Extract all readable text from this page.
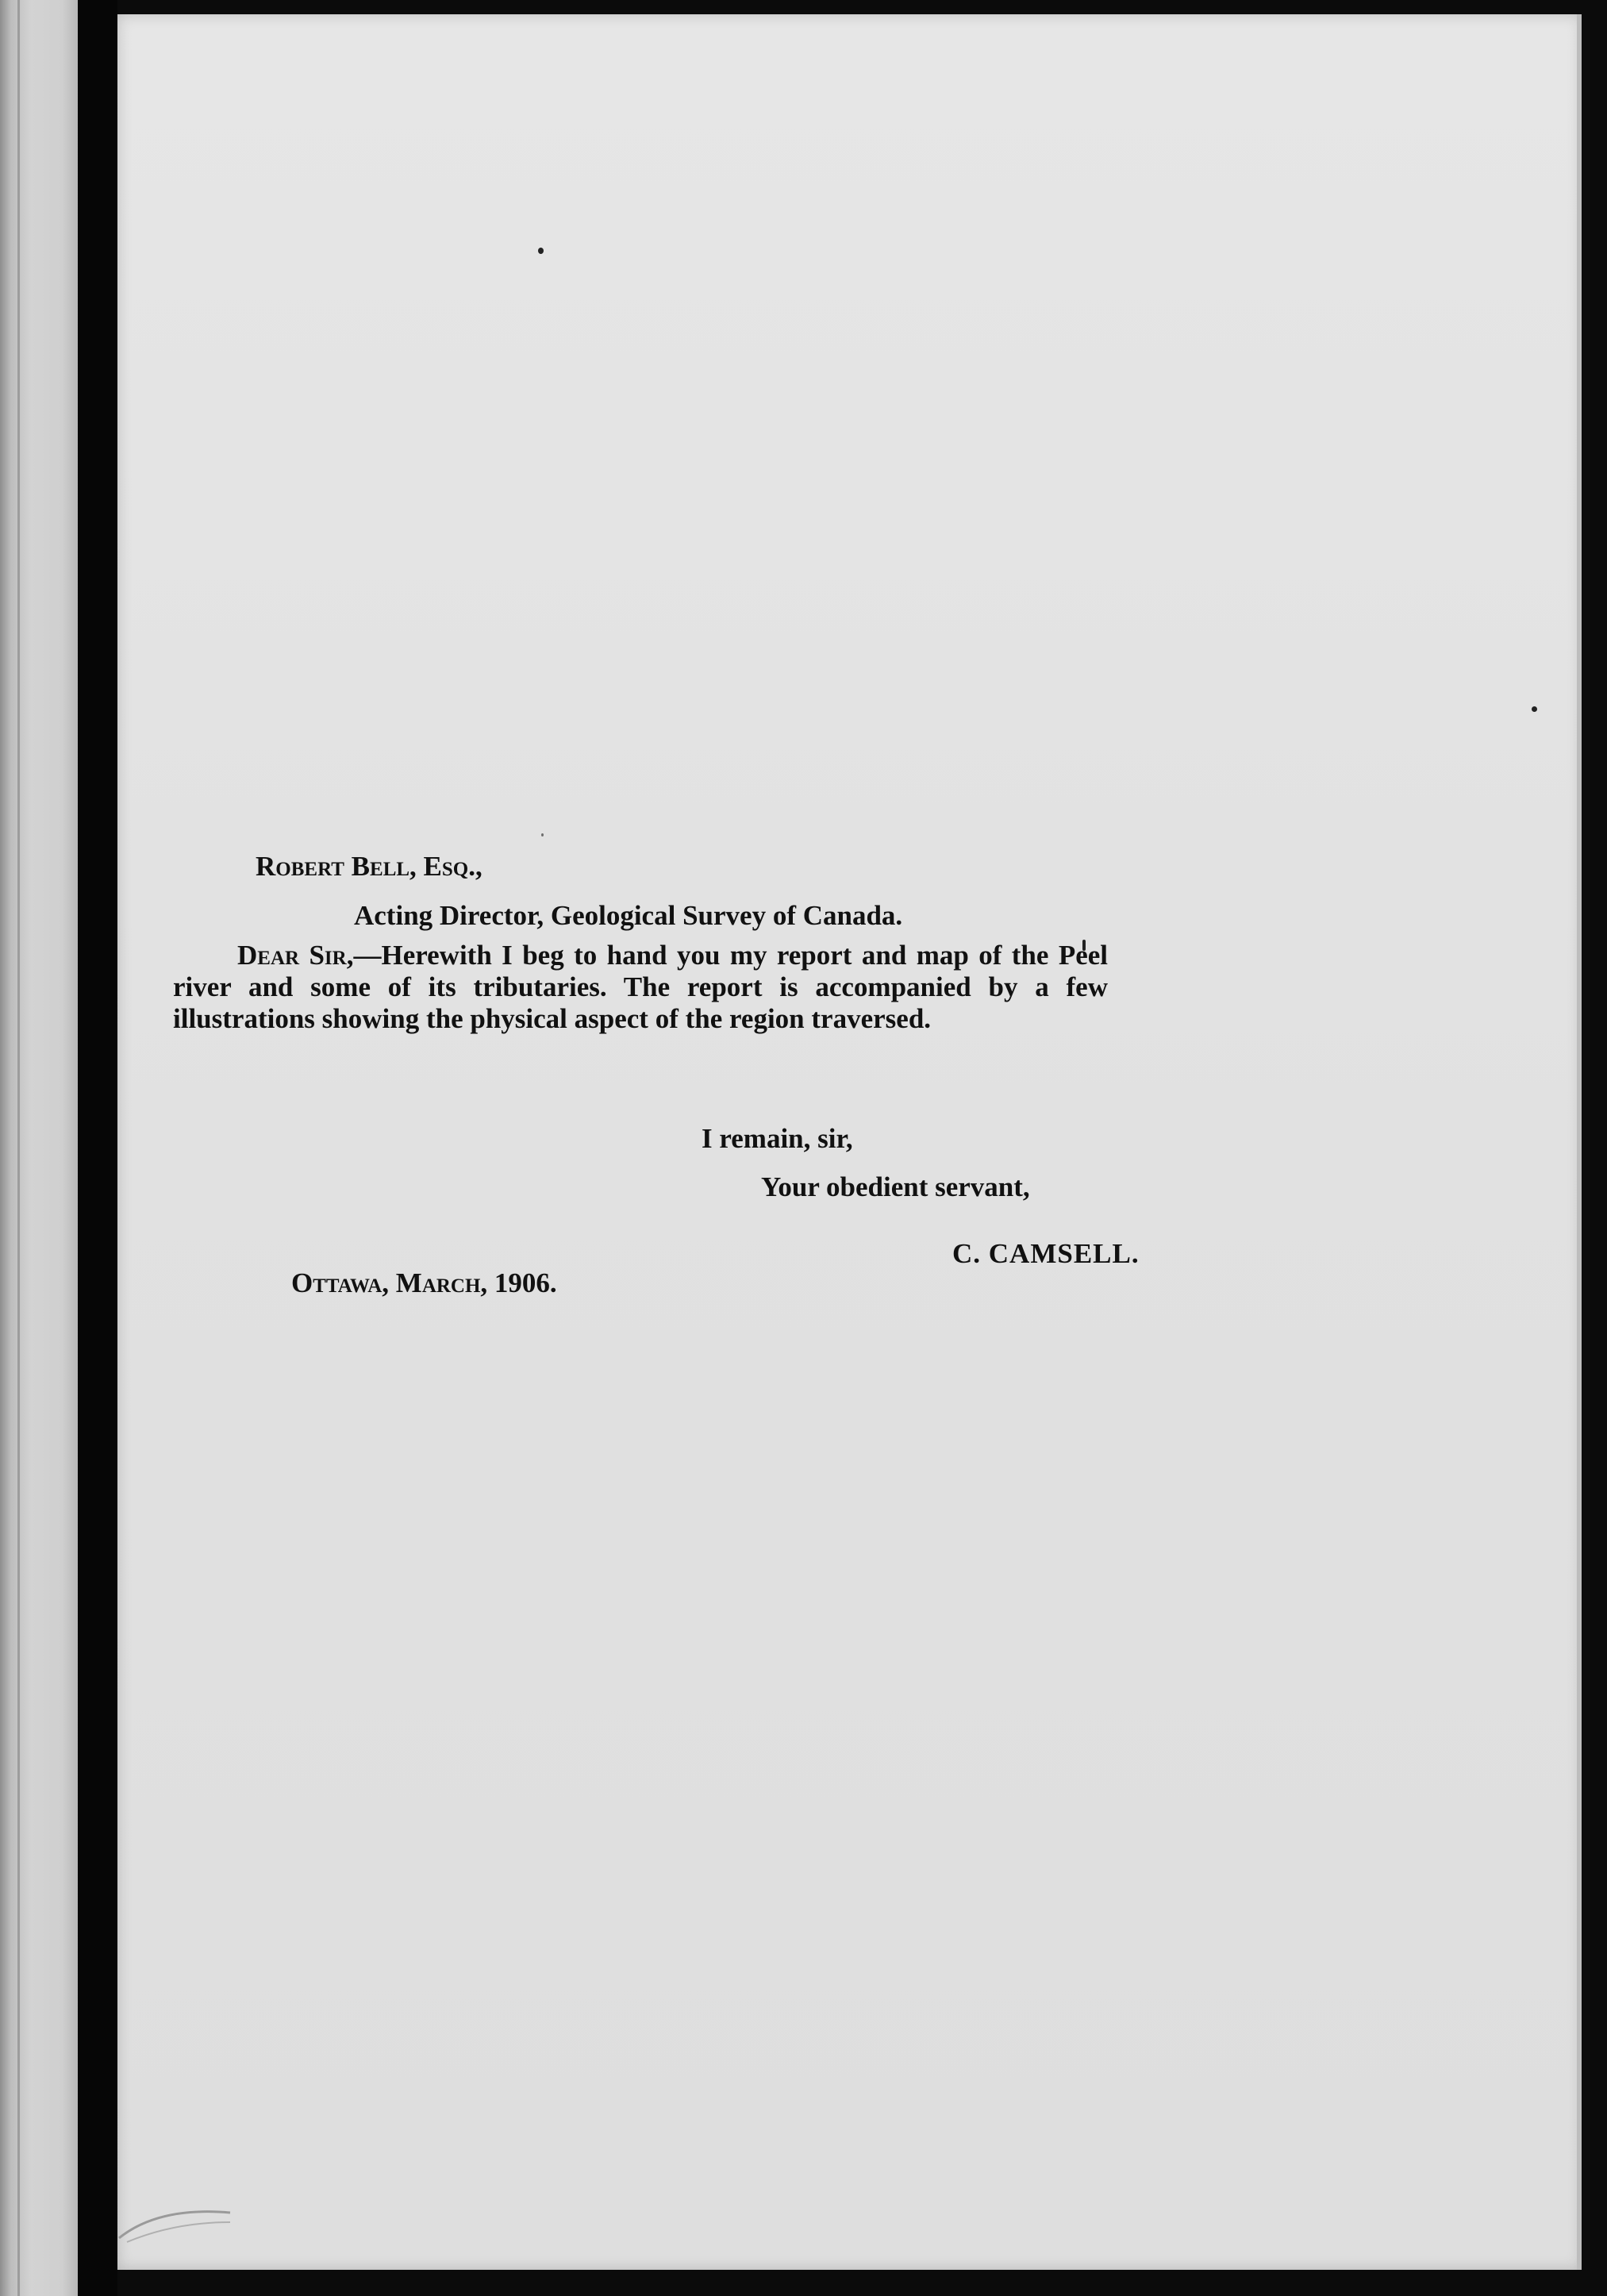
Robert Bell, Esq.,
Acting Director, Geological Survey of Canada.
Dear Sir,—Herewith I beg to hand you my report and map of the Peel river and some of its tributaries. The report is accompanied by a few illustrations showing the physical aspect of the region traversed.
I remain, sir,
Your obedient servant,
C. CAMSELL.
Ottawa, March, 1906.
